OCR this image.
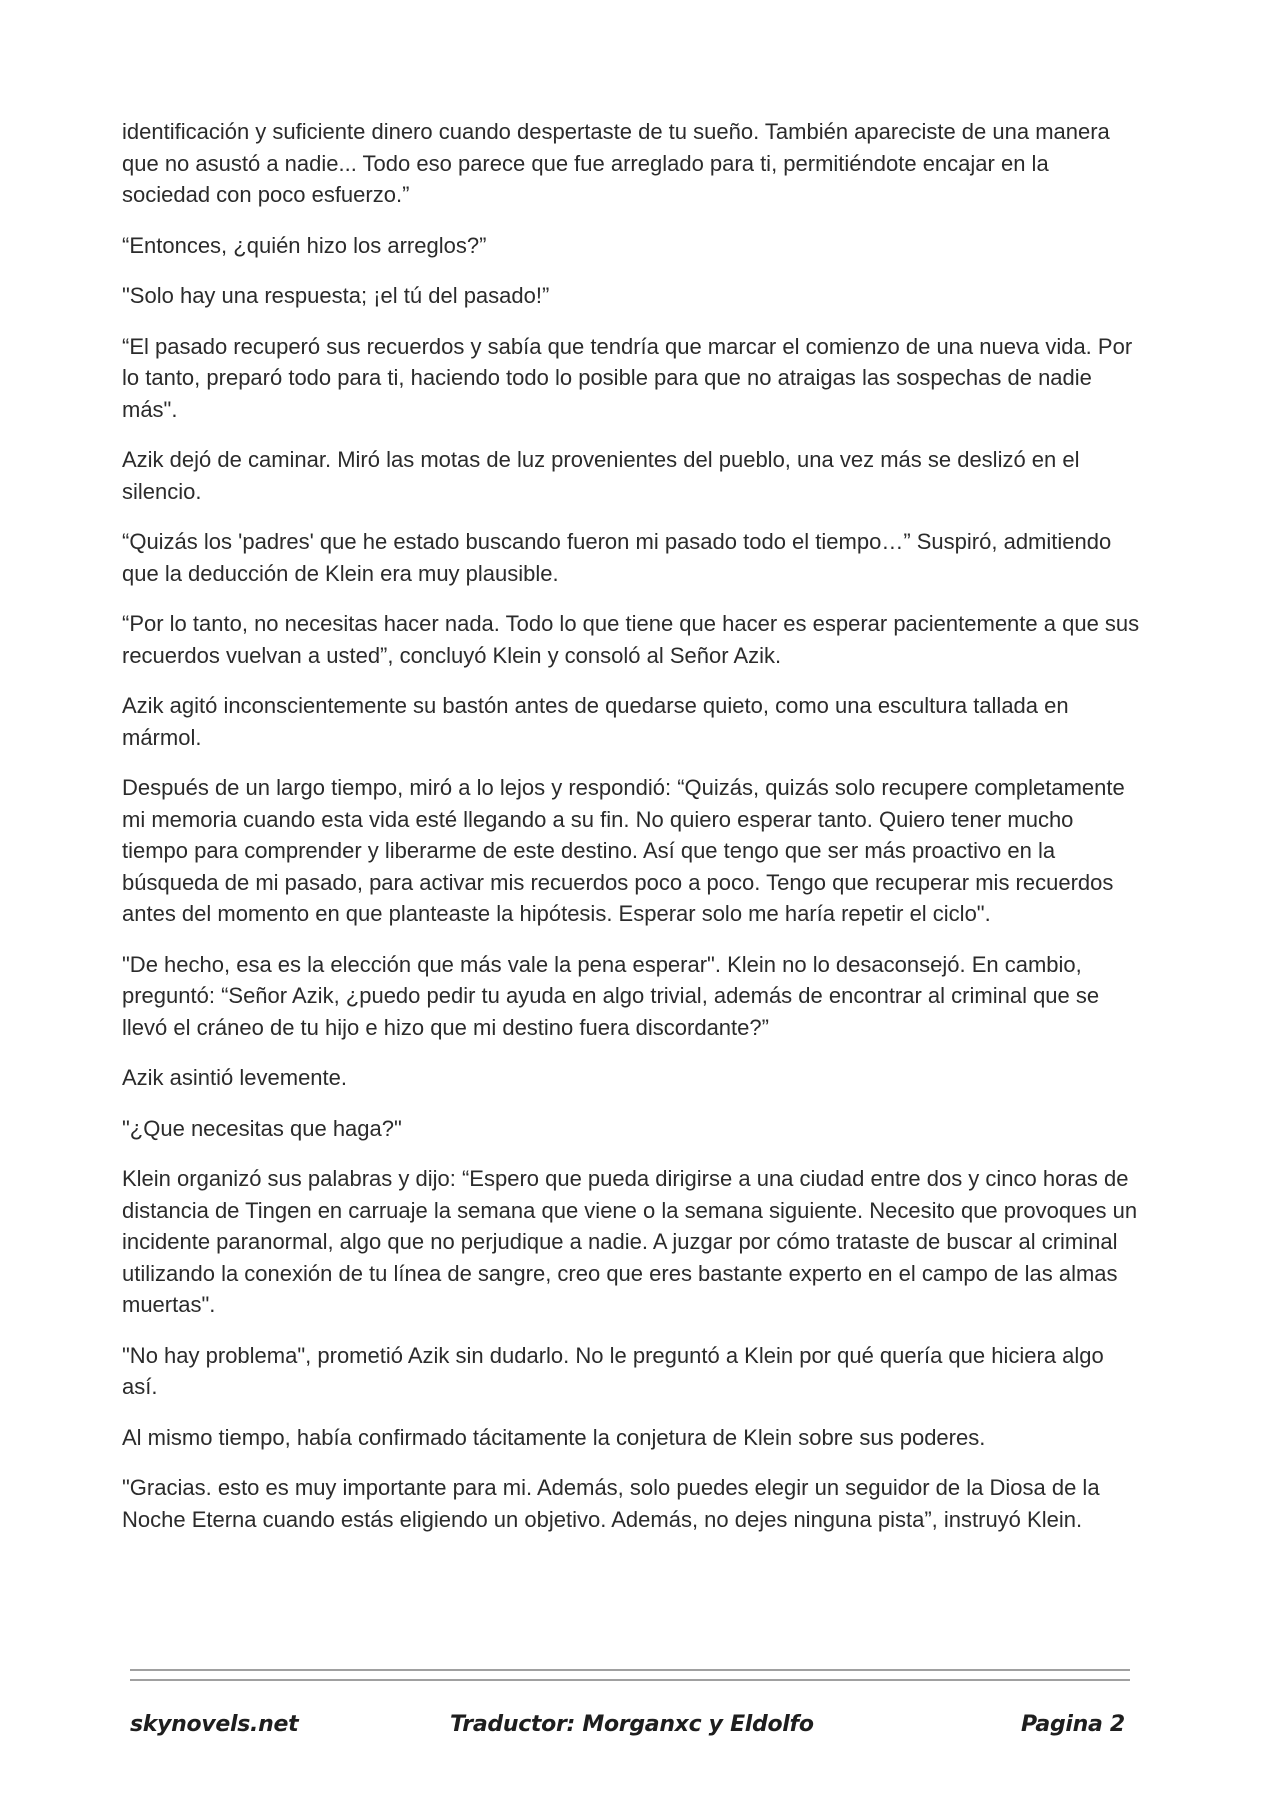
identificación y suficiente dinero cuando despertaste de tu sueño. También apareciste de una manera que no asustó a nadie... Todo eso parece que fue arreglado para ti, permitiéndote encajar en la sociedad con poco esfuerzo.”

“Entonces, ¿quién hizo los arreglos?”

"Solo hay una respuesta; ¡el tú del pasado!”

“El pasado recuperó sus recuerdos y sabía que tendría que marcar el comienzo de una nueva vida. Por lo tanto, preparó todo para ti, haciendo todo lo posible para que no atraigas las sospechas de nadie más".

Azik dejó de caminar. Miró las motas de luz provenientes del pueblo, una vez más se deslizó en el silencio.

“Quizás los 'padres' que he estado buscando fueron mi pasado todo el tiempo…” Suspiró, admitiendo que la deducción de Klein era muy plausible.

“Por lo tanto, no necesitas hacer nada. Todo lo que tiene que hacer es esperar pacientemente a que sus recuerdos vuelvan a usted”, concluyó Klein y consoló al Señor Azik.

Azik agitó inconscientemente su bastón antes de quedarse quieto, como una escultura tallada en mármol.

Después de un largo tiempo, miró a lo lejos y respondió: “Quizás, quizás solo recupere completamente mi memoria cuando esta vida esté llegando a su fin. No quiero esperar tanto. Quiero tener mucho tiempo para comprender y liberarme de este destino. Así que tengo que ser más proactivo en la búsqueda de mi pasado, para activar mis recuerdos poco a poco. Tengo que recuperar mis recuerdos antes del momento en que planteaste la hipótesis. Esperar solo me haría repetir el ciclo".

"De hecho, esa es la elección que más vale la pena esperar". Klein no lo desaconsejó. En cambio, preguntó: “Señor Azik, ¿puedo pedir tu ayuda en algo trivial, además de encontrar al criminal que se llevó el cráneo de tu hijo e hizo que mi destino fuera discordante?”

Azik asintió levemente.

"¿Que necesitas que haga?"

Klein organizó sus palabras y dijo: “Espero que pueda dirigirse a una ciudad entre dos y cinco horas de distancia de Tingen en carruaje la semana que viene o la semana siguiente. Necesito que provoques un incidente paranormal, algo que no perjudique a nadie. A juzgar por cómo trataste de buscar al criminal utilizando la conexión de tu línea de sangre, creo que eres bastante experto en el campo de las almas muertas".

"No hay problema", prometió Azik sin dudarlo. No le preguntó a Klein por qué quería que hiciera algo así.

Al mismo tiempo, había confirmado tácitamente la conjetura de Klein sobre sus poderes.

"Gracias. esto es muy importante para mi. Además, solo puedes elegir un seguidor de la Diosa de la Noche Eterna cuando estás eligiendo un objetivo. Además, no dejes ninguna pista”, instruyó Klein.

skynovels.net	Traductor: Morganxc y Eldolfo	Pagina 2
